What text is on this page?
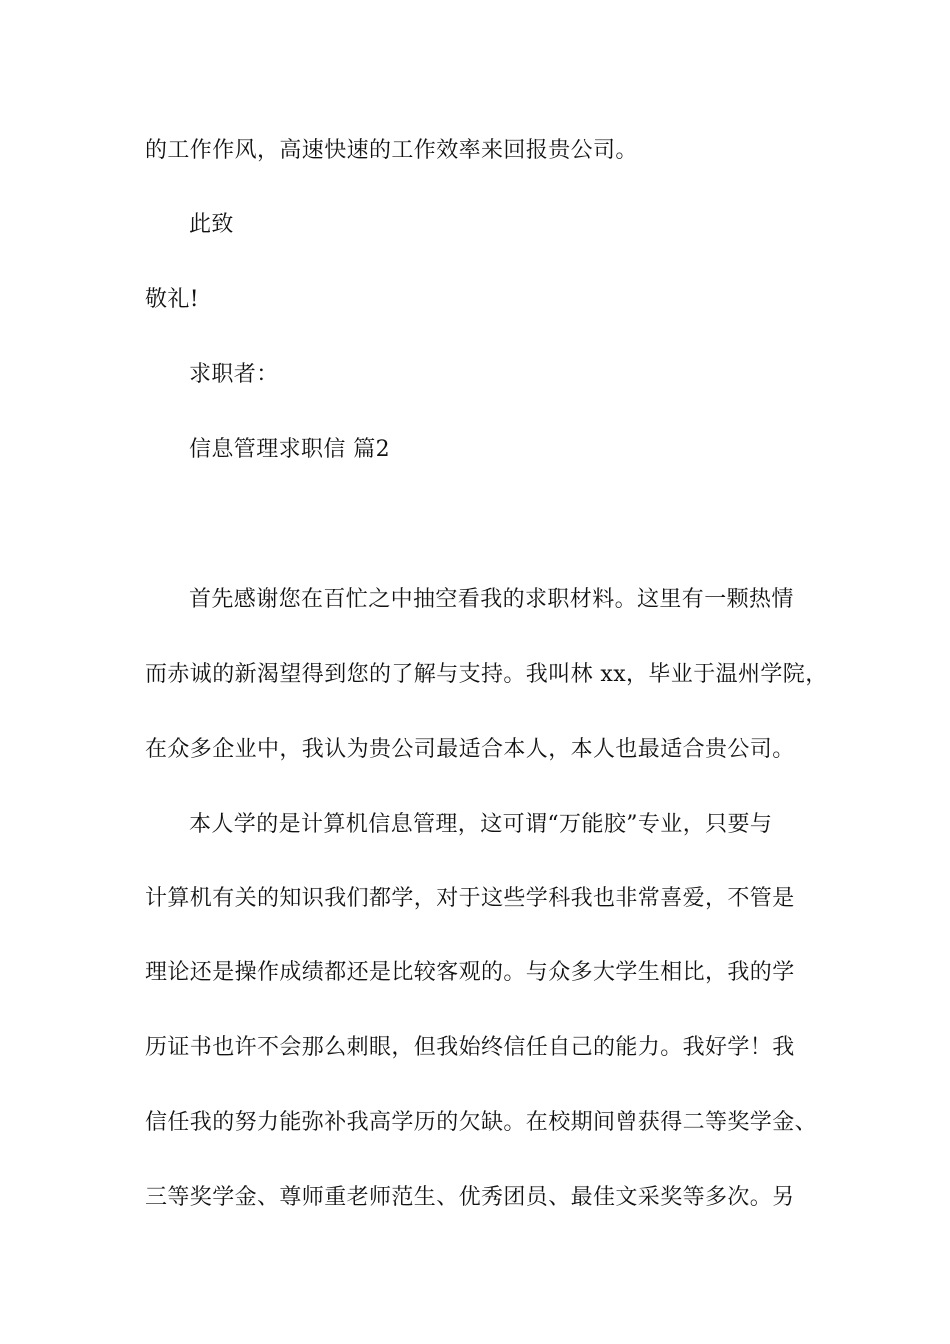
的工作作风，高速快速的工作效率来回报贵公司。
此致
敬礼!
求职者：
信息管理求职信 篇2
首先感谢您在百忙之中抽空看我的求职材料。这里有一颗热情
而赤诚的新渴望得到您的了解与支持。我叫林 xx，毕业于温州学院，
在众多企业中，我认为贵公司最适合本人，本人也最适合贵公司。
本人学的是计算机信息管理，这可谓“万能胶”专业，只要与
计算机有关的知识我们都学，对于这些学科我也非常喜爱，不管是
理论还是操作成绩都还是比较客观的。与众多大学生相比，我的学
历证书也许不会那么刺眼，但我始终信任自己的能力。我好学！我
信任我的努力能弥补我高学历的欠缺。在校期间曾获得二等奖学金、
三等奖学金、尊师重老师范生、优秀团员、最佳文采奖等多次。另
